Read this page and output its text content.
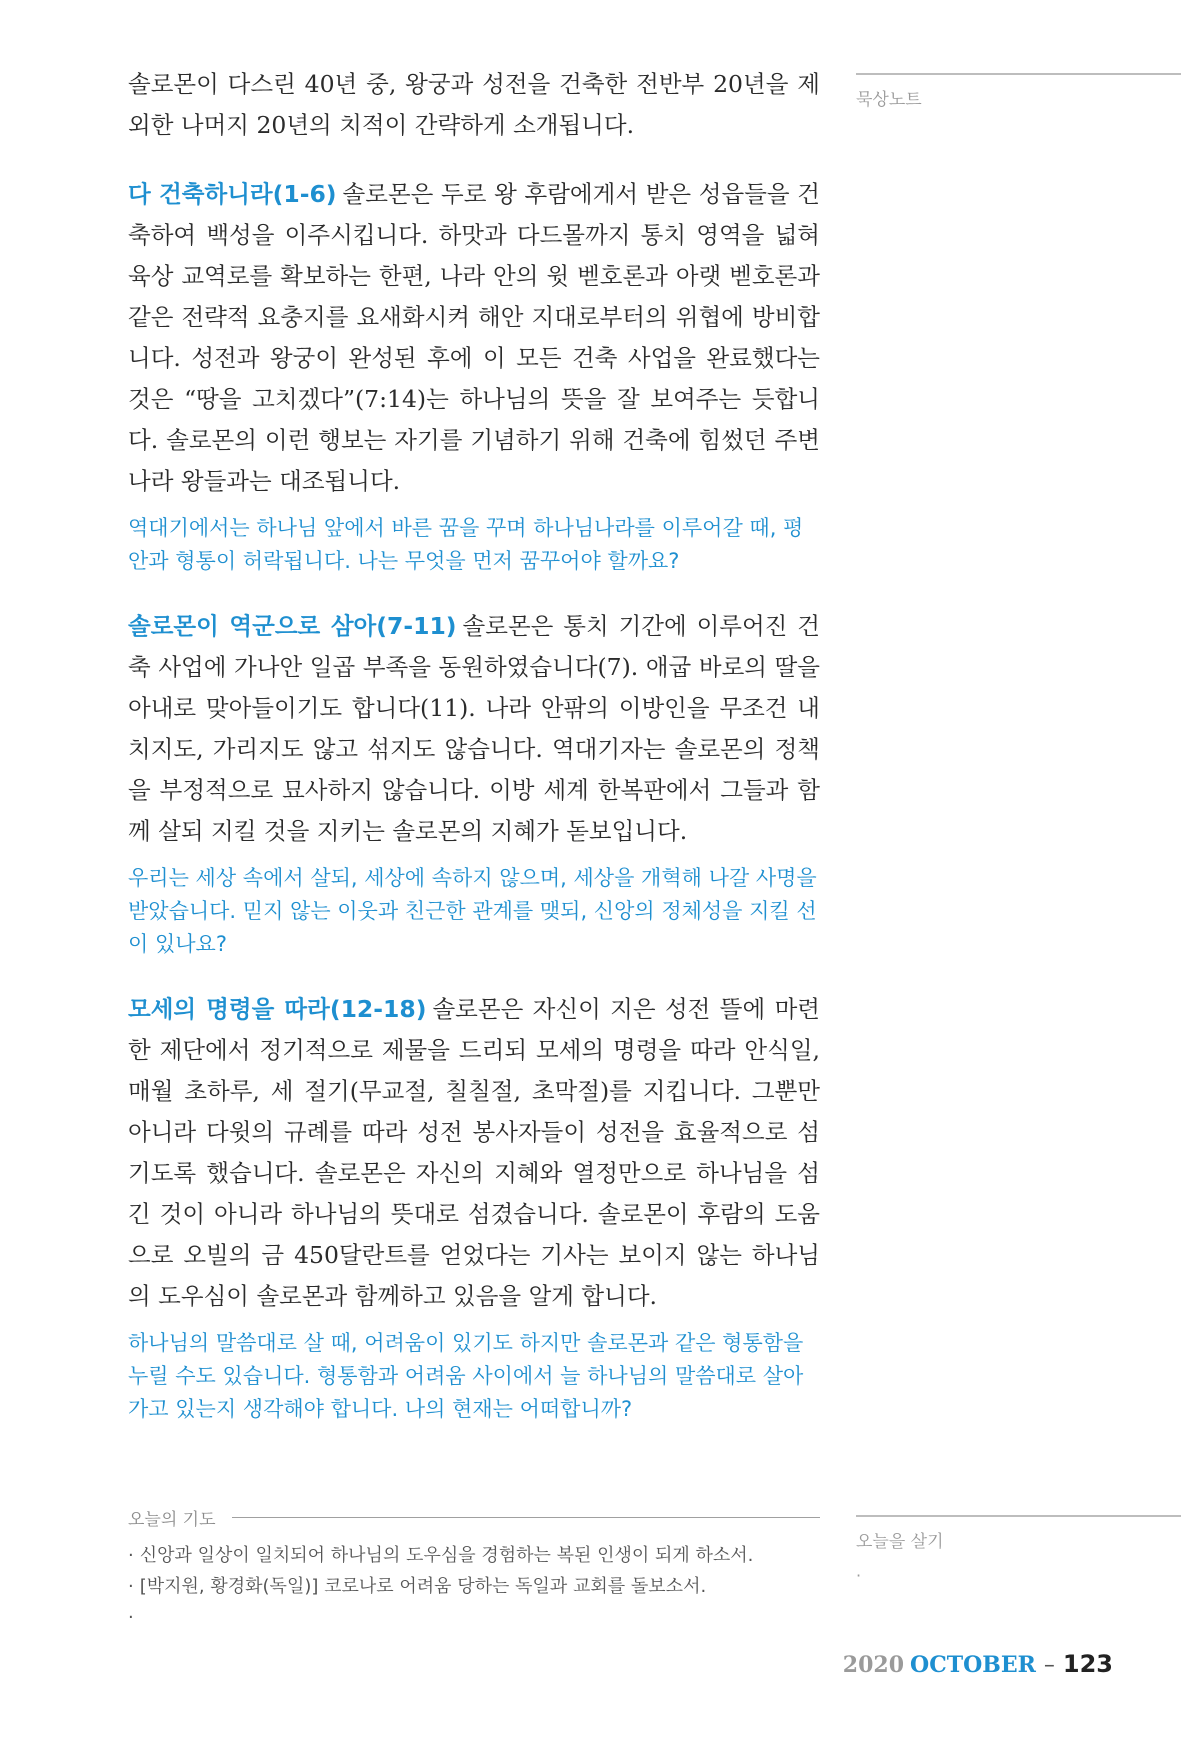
솔로몬이 다스린 40년 중, 왕궁과 성전을 건축한 전반부 20년을 제외한 나머지 20년의 치적이 간략하게 소개됩니다.

다 건축하니라(1-6) 솔로몬은 두로 왕 후람에게서 받은 성읍들을 건축하여 백성을 이주시킵니다. 하맛과 다드몰까지 통치 영역을 넓혀 육상 교역로를 확보하는 한편, 나라 안의 윗 벧호론과 아랫 벧호론과 같은 전략적 요충지를 요새화시켜 해안 지대로부터의 위협에 방비합니다. 성전과 왕궁이 완성된 후에 이 모든 건축 사업을 완료했다는 것은 “땅을 고치겠다”(7:14)는 하나님의 뜻을 잘 보여주는 듯합니다. 솔로몬의 이런 행보는 자기를 기념하기 위해 건축에 힘썼던 주변 나라 왕들과는 대조됩니다.

역대기에서는 하나님 앞에서 바른 꿈을 꾸며 하나님나라를 이루어갈 때, 평안과 형통이 허락됩니다. 나는 무엇을 먼저 꿈꾸어야 할까요?

솔로몬이 역군으로 삼아(7-11) 솔로몬은 통치 기간에 이루어진 건축 사업에 가나안 일곱 부족을 동원하였습니다(7). 애굽 바로의 딸을 아내로 맞아들이기도 합니다(11). 나라 안팎의 이방인을 무조건 내치지도, 가리지도 않고 섞지도 않습니다. 역대기자는 솔로몬의 정책을 부정적으로 묘사하지 않습니다. 이방 세계 한복판에서 그들과 함께 살되 지킬 것을 지키는 솔로몬의 지혜가 돋보입니다.

우리는 세상 속에서 살되, 세상에 속하지 않으며, 세상을 개혁해 나갈 사명을 받았습니다. 믿지 않는 이웃과 친근한 관계를 맺되, 신앙의 정체성을 지킬 선이 있나요?

모세의 명령을 따라(12-18) 솔로몬은 자신이 지은 성전 뜰에 마련한 제단에서 정기적으로 제물을 드리되 모세의 명령을 따라 안식일, 매월 초하루, 세 절기(무교절, 칠칠절, 초막절)를 지킵니다. 그뿐만 아니라 다윗의 규례를 따라 성전 봉사자들이 성전을 효율적으로 섬기도록 했습니다. 솔로몬은 자신의 지혜와 열정만으로 하나님을 섬긴 것이 아니라 하나님의 뜻대로 섬겼습니다. 솔로몬이 후람의 도움으로 오빌의 금 450달란트를 얻었다는 기사는 보이지 않는 하나님의 도우심이 솔로몬과 함께하고 있음을 알게 합니다.

하나님의 말씀대로 살 때, 어려움이 있기도 하지만 솔로몬과 같은 형통함을 누릴 수도 있습니다. 형통함과 어려움 사이에서 늘 하나님의 말씀대로 살아가고 있는지 생각해야 합니다. 나의 현재는 어떠합니까?

묵상노트
오늘을 살기
·
오늘의 기도
· 신앙과 일상이 일치되어 하나님의 도우심을 경험하는 복된 인생이 되게 하소서.
· [박지원, 황경화(독일)] 코로나로 어려움 당하는 독일과 교회를 돌보소서.
·
2020 OCTOBER – 123
